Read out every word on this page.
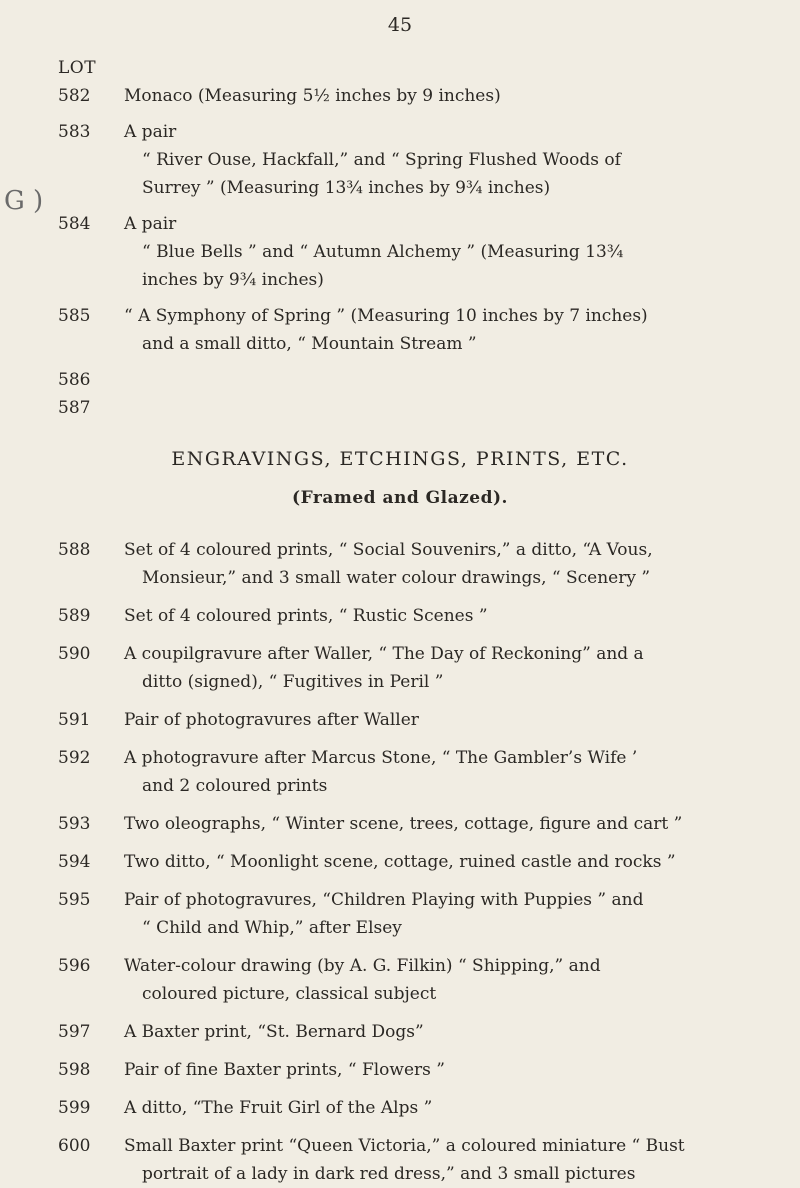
45
LOT
G )
582	Monaco (Measuring 5½ inches by 9 inches)
583	A pair
“ River Ouse, Hackfall,” and “ Spring Flushed Woods of
Surrey ” (Measuring 13¾ inches by 9¾ inches)
584	A pair
“ Blue Bells ” and “ Autumn Alchemy ” (Measuring 13¾
inches by 9¾ inches)
585	“ A Symphony of Spring ” (Measuring 10 inches by 7 inches)
and a small ditto, “ Mountain Stream ”
586
587
ENGRAVINGS, ETCHINGS, PRINTS, ETC.
(Framed and Glazed).
588	Set of 4 coloured prints, “ Social Souvenirs,” a ditto, “A Vous,
Monsieur,” and 3 small water colour drawings, “ Scenery ”
589	Set of 4 coloured prints, “ Rustic Scenes ”
590	A coupilgravure after Waller, “ The Day of Reckoning” and a
ditto (signed), “ Fugitives in Peril ”
591	Pair of photogravures after Waller
592	A photogravure after Marcus Stone, “ The Gambler’s Wife ’
and 2 coloured prints
593	Two oleographs, “ Winter scene, trees, cottage, figure and cart ”
594	Two ditto, “ Moonlight scene, cottage, ruined castle and rocks ”
595	Pair of photogravures, “Children Playing with Puppies ” and
“ Child and Whip,” after Elsey
596	Water-colour drawing (by A. G. Filkin) “ Shipping,” and
coloured picture, classical subject
597	A Baxter print, “St. Bernard Dogs”
598	Pair of fine Baxter prints, “ Flowers ”
599	A ditto, “The Fruit Girl of the Alps ”
600	Small Baxter print “Queen Victoria,” a coloured miniature “ Bust
portrait of a lady in dark red dress,” and 3 small pictures
